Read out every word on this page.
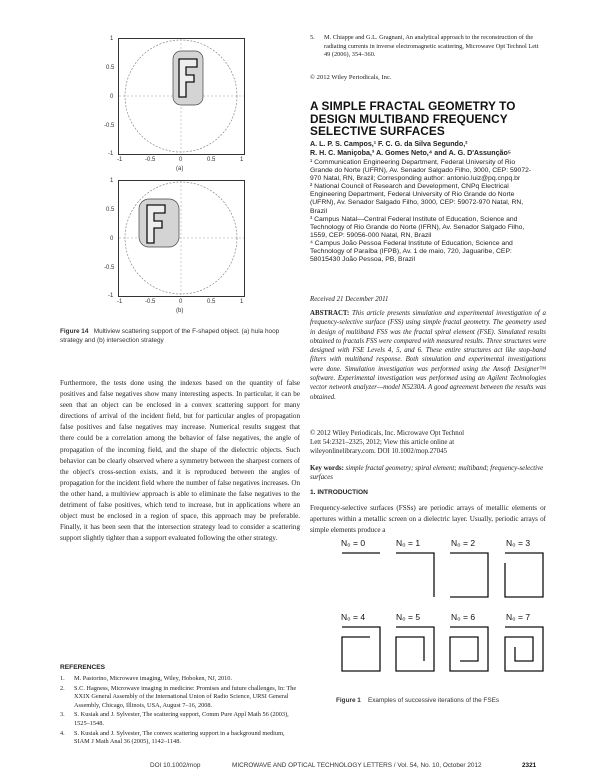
1
0.5
0
-0.5
-1
-1	-0.5	0	0.5	1
(a)
1
0.5
0
-0.5
-1
-1	-0.5	0	0.5	1
(b)
Figure 14 Multiview scattering support of the F-shaped object. (a) hula hoop strategy and (b) intersection strategy
Furthermore, the tests done using the indexes based on the quantity of false positives and false negatives show many interesting aspects. In particular, it can be seen that an object can be enclosed in a convex scattering support for many directions of arrival of the incident field, but for particular angles of propagation false positives and false negatives may increase. Numerical results suggest that there could be a correlation among the behavior of false negatives, the angle of propagation of the incoming field, and the shape of the dielectric objects. Such behavior can be clearly observed where a symmetry between the sharpest corners of the object's cross-section exists, and it is reproduced between the angles of propagation for the incident field where the number of false negatives increases. On the other hand, a multiview approach is able to eliminate the false negatives to the detriment of false positives, which tend to increase, but in applications where an object must be enclosed in a region of space, this approach may be preferable. Finally, it has been seen that the intersection strategy lead to consider a scattering support slightly tighter than a support evaluated following the other strategy.
REFERENCES
1.	M. Pastorino, Microwave imaging, Wiley, Hoboken, NJ, 2010.
2.	S.C. Hagness, Microwave imaging in medicine: Promises and future challenges, In: The XXIX General Assembly of the International Union of Radio Science, URSI General Assembly, Chicago, Illinois, USA, August 7–16, 2008.
3.	S. Kusiak and J. Sylvester, The scattering support, Comm Pure Appl Math 56 (2003), 1525–1548.
4.	S. Kusiak and J. Sylvester, The convex scattering support in a background medium, SIAM J Math Anal 36 (2005), 1142–1148.
5.	M. Chiappe and G.L. Gragnani, An analytical approach to the reconstruction of the radiating currents in inverse electromagnetic scattering, Microwave Opt Technol Lett 49 (2006), 354–360.
© 2012 Wiley Periodicals, Inc.
A SIMPLE FRACTAL GEOMETRY TO DESIGN MULTIBAND FREQUENCY SELECTIVE SURFACES
A. L. P. S. Campos,¹ F. C. G. da Silva Segundo,²
R. H. C. Maniçoba,³ A. Gomes Neto,⁴ and A. G. D'Assunção⁵
¹ Communication Engineering Department, Federal University of Rio Grande do Norte (UFRN), Av. Senador Salgado Filho, 3000, CEP: 59072-970 Natal, RN, Brazil; Corresponding author: antonio.luiz@pq.cnpq.br
² National Council of Research and Development, CNPq Electrical Engineering Department, Federal University of Rio Grande do Norte (UFRN), Av. Senador Salgado Filho, 3000, CEP: 59072-970 Natal, RN, Brazil
³ Campus Natal—Central Federal Institute of Education, Science and Technology of Rio Grande do Norte (IFRN), Av. Senador Salgado Filho, 1559, CEP: 59056-000 Natal, RN, Brazil
⁴ Campus João Pessoa Federal Institute of Education, Science and Technology of Paraíba (IFPB), Av. 1 de maio, 720, Jaguaribe, CEP: 58015430 João Pessoa, PB, Brazil
Received 21 December 2011
ABSTRACT: This article presents simulation and experimental investigation of a frequency-selective surface (FSS) using simple fractal geometry. The geometry used in design of multiband FSS was the fractal spiral element (FSE). Simulated results obtained to fractals FSS were compared with measured results. Three structures were designed with FSE Levels 4, 5, and 6. These entire structures act like stop-band filters with multiband response. Both simulation and experimental investigations were done. Simulation investigation was performed using the Ansoft Designer™ software. Experimental investigation was performed using an Agilent Technologies vector network analyzer—model N5230A. A good agreement between the results was obtained.
© 2012 Wiley Periodicals, Inc. Microwave Opt Technol
Lett 54:2321–2325, 2012; View this article online at
wileyonlinelibrary.com. DOI 10.1002/mop.27045
Key words: simple fractal geometry; spiral element; multiband; frequency-selective surfaces
1. INTRODUCTION
Frequency-selective surfaces (FSSs) are periodic arrays of metallic elements or apertures within a metallic screen on a dielectric layer. Usually, periodic arrays of simple elements produce a
N₀ = 0	N₀ = 1	N₀ = 2	N₀ = 3
N₀ = 4	N₀ = 5	N₀ = 6	N₀ = 7
Figure 1 Examples of successive iterations of the FSEs
DOI 10.1002/mop	MICROWAVE AND OPTICAL TECHNOLOGY LETTERS / Vol. 54, No. 10, October 2012	2321
